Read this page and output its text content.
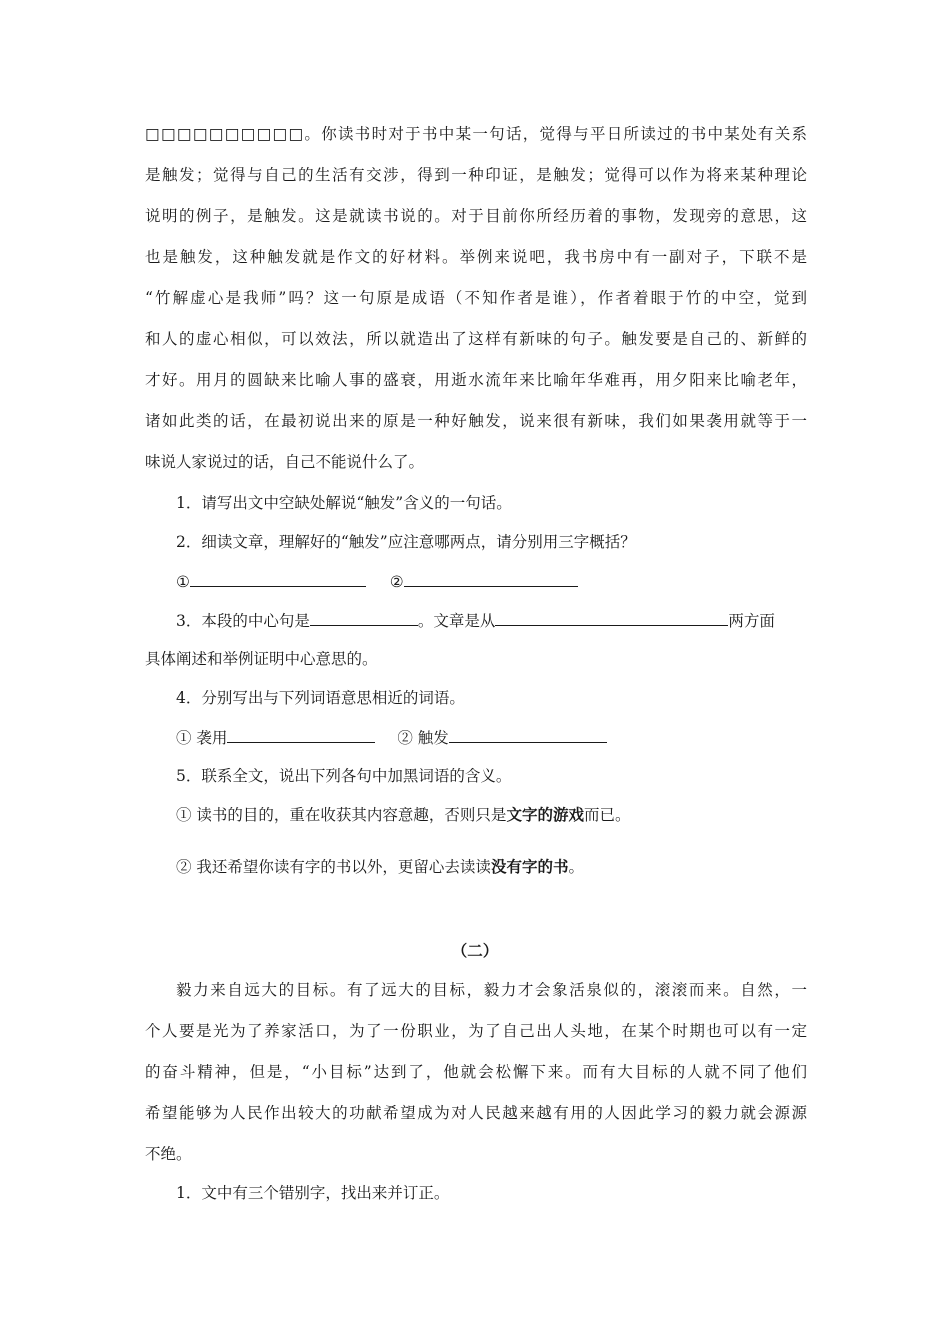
□□□□□□□□□□。你读书时对于书中某一句话，觉得与平日所读过的书中某处有关系
是触发；觉得与自己的生活有交涉，得到一种印证，是触发；觉得可以作为将来某种理论
说明的例子，是触发。这是就读书说的。对于目前你所经历着的事物，发现旁的意思，这
也是触发，这种触发就是作文的好材料。举例来说吧，我书房中有一副对子，下联不是
“竹解虚心是我师”吗？这一句原是成语（不知作者是谁），作者着眼于竹的中空，觉到
和人的虚心相似，可以效法，所以就造出了这样有新味的句子。触发要是自己的、新鲜的
才好。用月的圆缺来比喻人事的盛衰，用逝水流年来比喻年华难再，用夕阳来比喻老年，
诸如此类的话，在最初说出来的原是一种好触发，说来很有新味，我们如果袭用就等于一
味说人家说过的话，自己不能说什么了。
1．请写出文中空缺处解说“触发”含义的一句话。
2．细读文章，理解好的“触发”应注意哪两点，请分别用三字概括？
①	②
3．本段的中心句是	。文章是从	两方面
具体阐述和举例证明中心意思的。
4．分别写出与下列词语意思相近的词语。
① 袭用	② 触发
5．联系全文，说出下列各句中加黑词语的含义。
① 读书的目的，重在收获其内容意趣，否则只是文字的游戏而已。
② 我还希望你读有字的书以外，更留心去读读没有字的书。
（二）
毅力来自远大的目标。有了远大的目标，毅力才会象活泉似的，滚滚而来。自然，一
个人要是光为了养家活口，为了一份职业，为了自己出人头地，在某个时期也可以有一定
的奋斗精神，但是，“小目标”达到了，他就会松懈下来。而有大目标的人就不同了他们
希望能够为人民作出较大的功献希望成为对人民越来越有用的人因此学习的毅力就会源源
不绝。
1．文中有三个错别字，找出来并订正。
